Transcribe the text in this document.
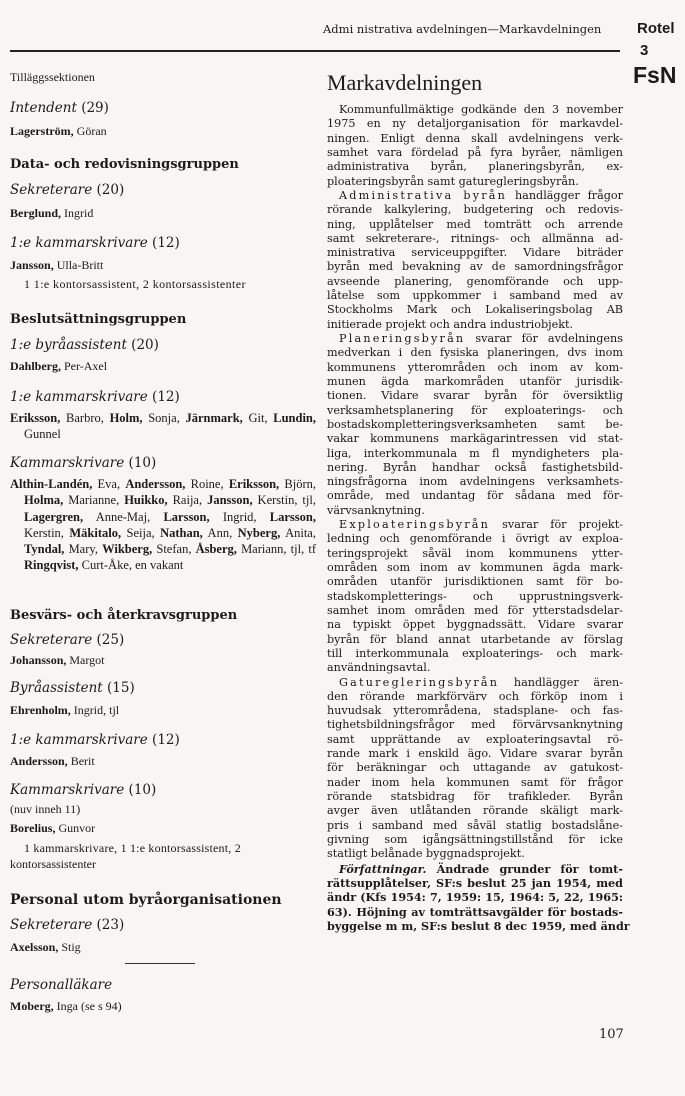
Admi nistrativa avdelningen—Markavdelningen Rotel
3
FsN
Tilläggssektionen
Intendent (29)
Lagerström, Göran
Data- och redovisningsgruppen
Sekreterare (20)
Berglund, Ingrid
1:e kammarskrivare (12)
Jansson, Ulla-Britt
1 1:e kontorsassistent, 2 kontorsassistenter
Beslutsättningsgruppen
1:e byråassistent (20)
Dahlberg, Per-Axel
1:e kammarskrivare (12)
Eriksson, Barbro, Holm, Sonja, Järnmark, Git, Lundin, Gunnel
Kammarskrivare (10)
Althin-Landén, Eva, Andersson, Roine, Eriksson, Björn, Holma, Marianne, Huikko, Raija, Jansson, Kerstin, tjl, Lagergren, Anne-Maj, Larsson, Ingrid, Larsson, Kerstin, Mäkitalo, Seija, Nathan, Ann, Nyberg, Anita, Tyndal, Mary, Wikberg, Stefan, Åsberg, Mariann, tjl, tf Ringqvist, Curt-Åke, en vakant
Besvärs- och återkravsgruppen
Sekreterare (25)
Johansson, Margot
Byråassistent (15)
Ehrenholm, Ingrid, tjl
1:e kammarskrivare (12)
Andersson, Berit
Kammarskrivare (10)
(nuv inneh 11)
Borelius, Gunvor
1 kammarskrivare, 1 1:e kontorsassistent, 2
kontorsassistenter
Personal utom byråorganisationen
Sekreterare (23)
Axelsson, Stig
Personalläkare
Moberg, Inga (se s 94)
Markavdelningen
Kommunfullmäktige godkände den 3 november
1975 en ny detaljorganisation för markavdel-
ningen. Enligt denna skall avdelningens verk-
samhet vara fördelad på fyra byråer, nämligen
administrativa byrån, planeringsbyrån, ex-
ploateringsbyrån samt gaturegleringsbyrån.
Administrativa byrån handlägger frågor
rörande kalkylering, budgetering och redovis-
ning, upplåtelser med tomträtt och arrende
samt sekreterare-, ritnings- och allmänna ad-
ministrativa serviceuppgifter. Vidare biträder
byrån med bevakning av de samordningsfrågor
avseende planering, genomförande och upp-
låtelse som uppkommer i samband med av
Stockholms Mark och Lokaliseringsbolag AB
initierade projekt och andra industriobjekt.
Planeringsbyrån svarar för avdelningens
medverkan i den fysiska planeringen, dvs inom
kommunens ytterområden och inom av kom-
munen ägda markområden utanför jurisdik-
tionen. Vidare svarar byrån för översiktlig
verksamhetsplanering för exploaterings- och
bostadskompletteringsverksamheten samt be-
vakar kommunens markägarintressen vid stat-
liga, interkommunala m fl myndigheters pla-
nering. Byrån handhar också fastighetsbild-
ningsfrågorna inom avdelningens verksamhets-
område, med undantag för sådana med för-
värvsanknytning.
Exploateringsbyrån svarar för projekt-
ledning och genomförande i övrigt av exploa-
teringsprojekt såväl inom kommunens ytter-
områden som inom av kommunen ägda mark-
områden utanför jurisdiktionen samt för bo-
stadskompletterings- och upprustningsverk-
samhet inom områden med för ytterstadsdelar-
na typiskt öppet byggnadssätt. Vidare svarar
byrån för bland annat utarbetande av förslag
till interkommunala exploaterings- och mark-
användningsavtal.
Gaturegleringsbyrån handlägger ären-
den rörande markförvärv och förköp inom i
huvudsak ytterområdena, stadsplane- och fas-
tighetsbildningsfrågor med förvärvsanknytning
samt upprättande av exploateringsavtal rö-
rande mark i enskild ägo. Vidare svarar byrån
för beräkningar och uttagande av gatukost-
nader inom hela kommunen samt för frågor
rörande statsbidrag för trafikleder. Byrån
avger även utlåtanden rörande skäligt mark-
pris i samband med såväl statlig bostadslåne-
givning som igångsättningstillstånd för icke
statligt belånade byggnadsprojekt.
Författningar. Ändrade grunder för tomt-
rättsupplåtelser, SF:s beslut 25 jan 1954, med
ändr (Kfs 1954: 7, 1959: 15, 1964: 5, 22, 1965:
63). Höjning av tomträttsavgälder för bostads-
byggelse m m, SF:s beslut 8 dec 1959, med ändr
107
